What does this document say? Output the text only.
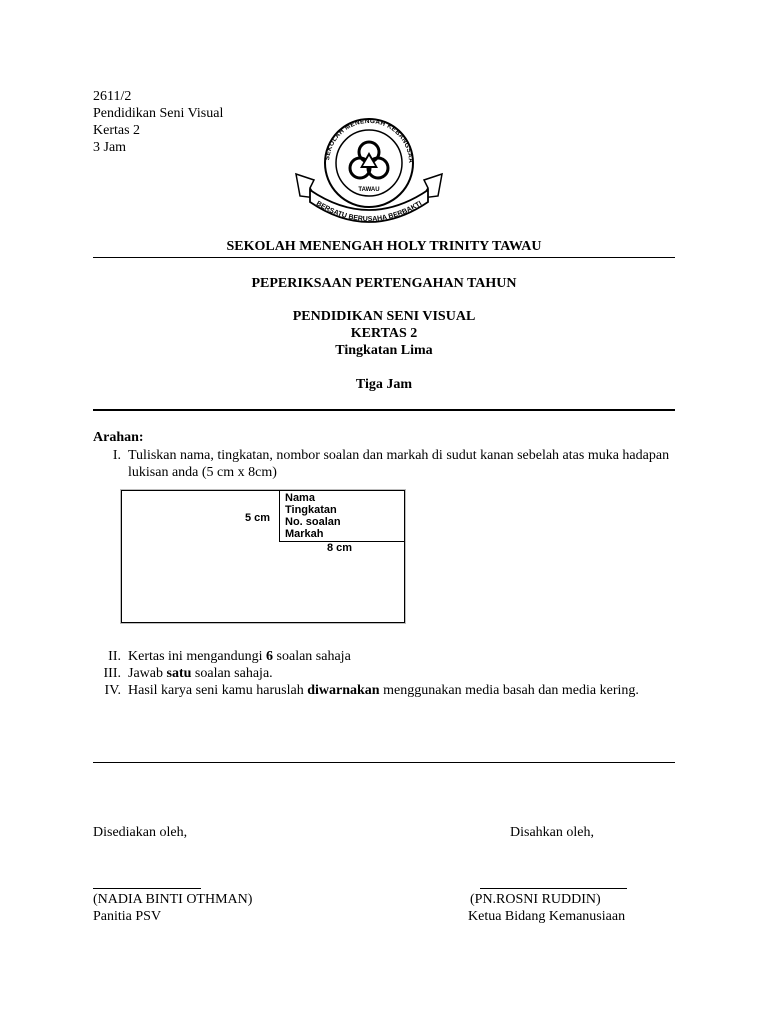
2611/2
Pendidikan Seni Visual
Kertas 2
3 Jam
SEKOLAH MENENGAH KEBANGSAA
TAWAU
BERSATU BERUSAHA BERBAKTI
SEKOLAH MENENGAH HOLY TRINITY TAWAU
PEPERIKSAAN PERTENGAHAN TAHUN
PENDIDIKAN SENI VISUAL
KERTAS 2
Tingkatan Lima
Tiga Jam
Arahan:
I. Tuliskan nama, tingkatan, nombor soalan dan markah di sudut kanan sebelah atas muka hadapan lukisan anda (5 cm x 8cm)
Nama
Tingkatan
No. soalan
Markah
5 cm
8 cm
II. Kertas ini mengandungi 6 soalan sahaja
III. Jawab satu soalan sahaja.
IV. Hasil karya seni kamu haruslah diwarnakan menggunakan media basah dan media kering.
Disediakan oleh,	Disahkan oleh,
(NADIA BINTI OTHMAN)
Panitia PSV
(PN.ROSNI RUDDIN)
Ketua Bidang Kemanusiaan
